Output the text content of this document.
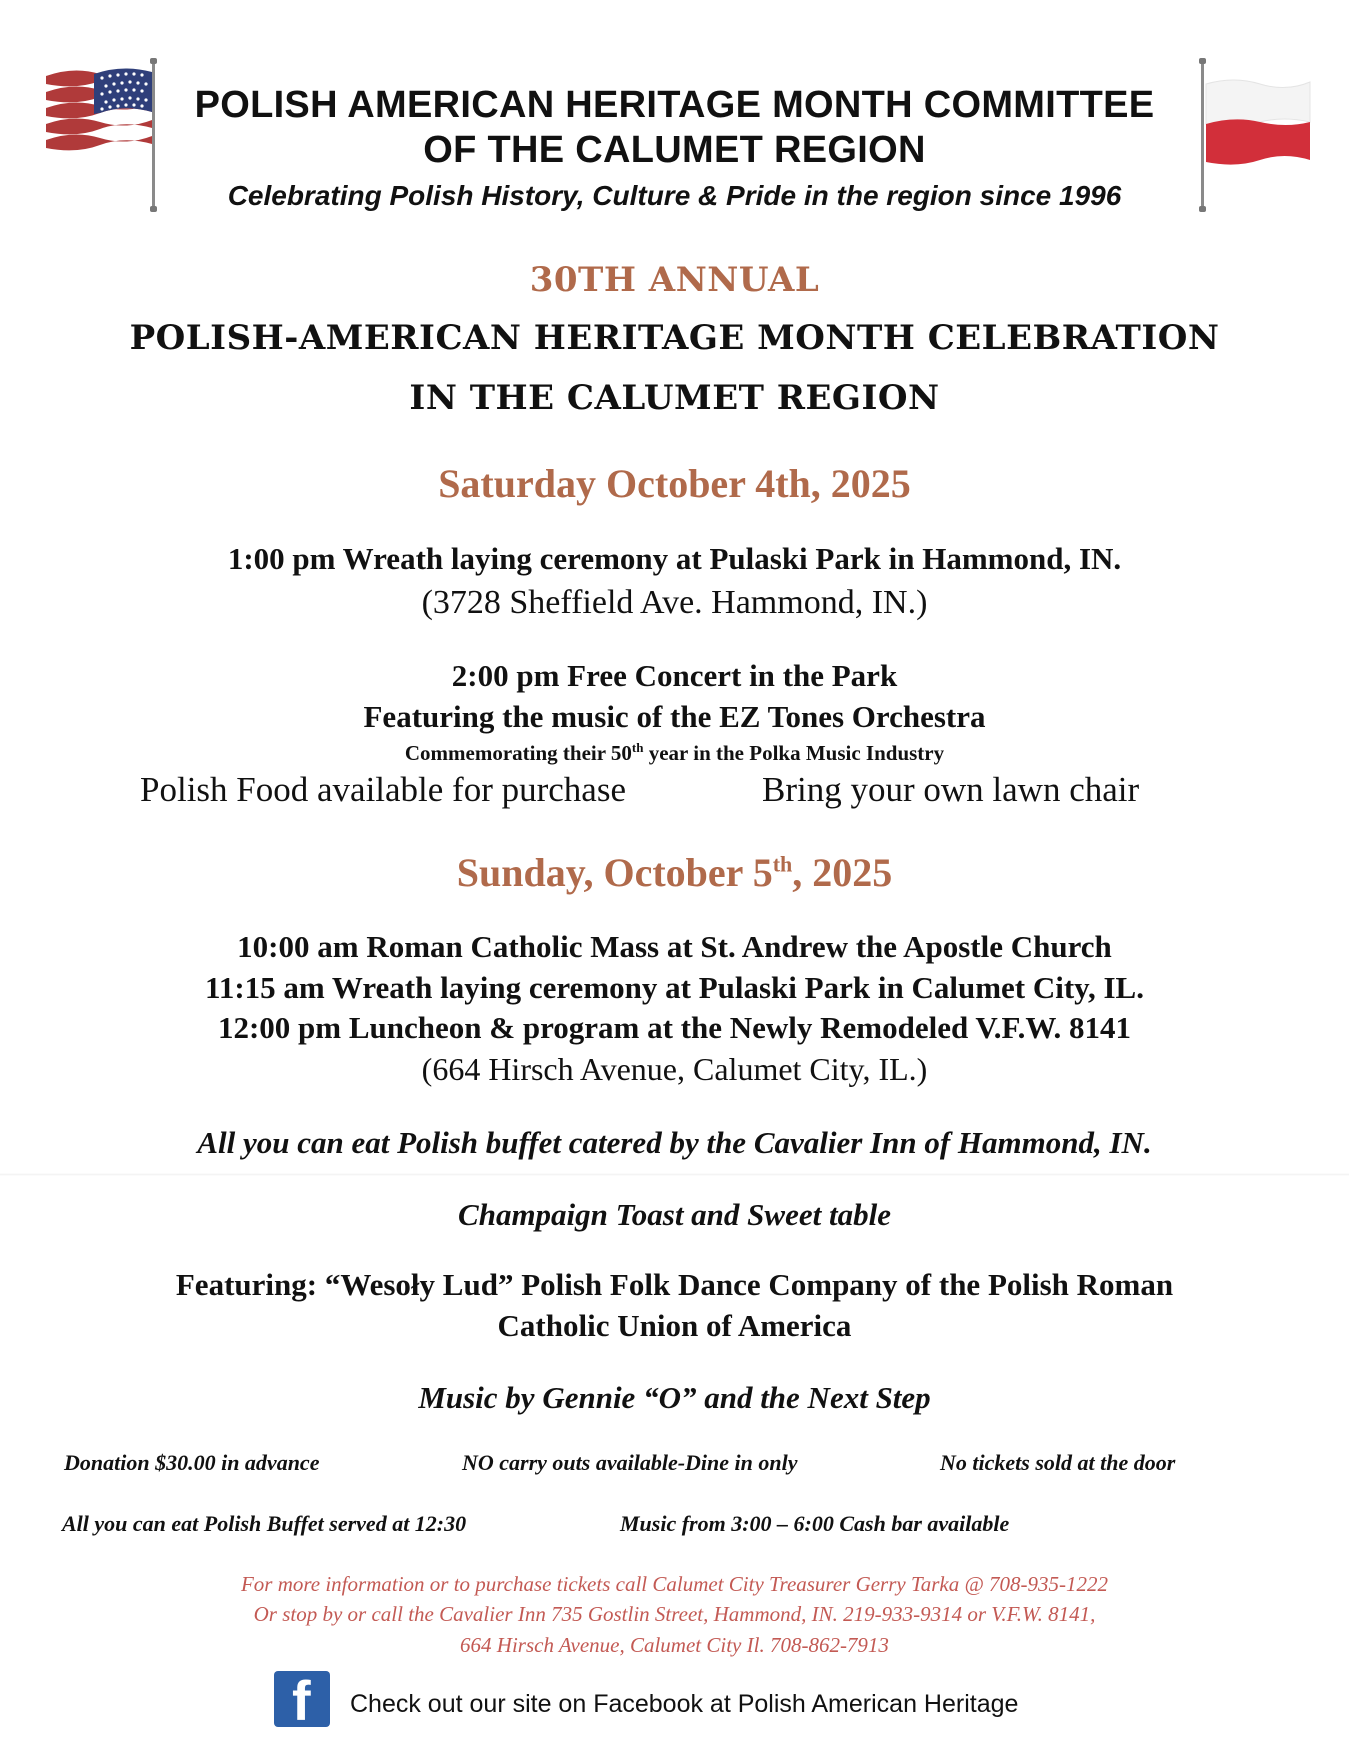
POLISH AMERICAN HERITAGE MONTH COMMITTEE
OF THE CALUMET REGION
Celebrating Polish History, Culture & Pride in the region since 1996
30TH ANNUAL
POLISH-AMERICAN HERITAGE MONTH CELEBRATION
IN THE CALUMET REGION
Saturday October 4th, 2025
1:00 pm Wreath laying ceremony at Pulaski Park in Hammond, IN.
(3728 Sheffield Ave. Hammond, IN.)
2:00 pm Free Concert in the Park
Featuring the music of the EZ Tones Orchestra
Commemorating their 50th year in the Polka Music Industry
Polish Food available for purchase	Bring your own lawn chair
Sunday, October 5th, 2025
10:00 am Roman Catholic Mass at St. Andrew the Apostle Church
11:15 am Wreath laying ceremony at Pulaski Park in Calumet City, IL.
12:00 pm Luncheon & program at the Newly Remodeled V.F.W. 8141
(664 Hirsch Avenue, Calumet City, IL.)
All you can eat Polish buffet catered by the Cavalier Inn of Hammond, IN.
Champaign Toast and Sweet table
Featuring: “Wesoły Lud” Polish Folk Dance Company of the Polish Roman
Catholic Union of America
Music by Gennie “O” and the Next Step
Donation $30.00 in advance	NO carry outs available-Dine in only	No tickets sold at the door
All you can eat Polish Buffet served at 12:30	Music from 3:00 – 6:00 Cash bar available
For more information or to purchase tickets call Calumet City Treasurer Gerry Tarka @ 708-935-1222
Or stop by or call the Cavalier Inn 735 Gostlin Street, Hammond, IN. 219-933-9314 or V.F.W. 8141,
664 Hirsch Avenue, Calumet City Il. 708-862-7913
f Check out our site on Facebook at Polish American Heritage
